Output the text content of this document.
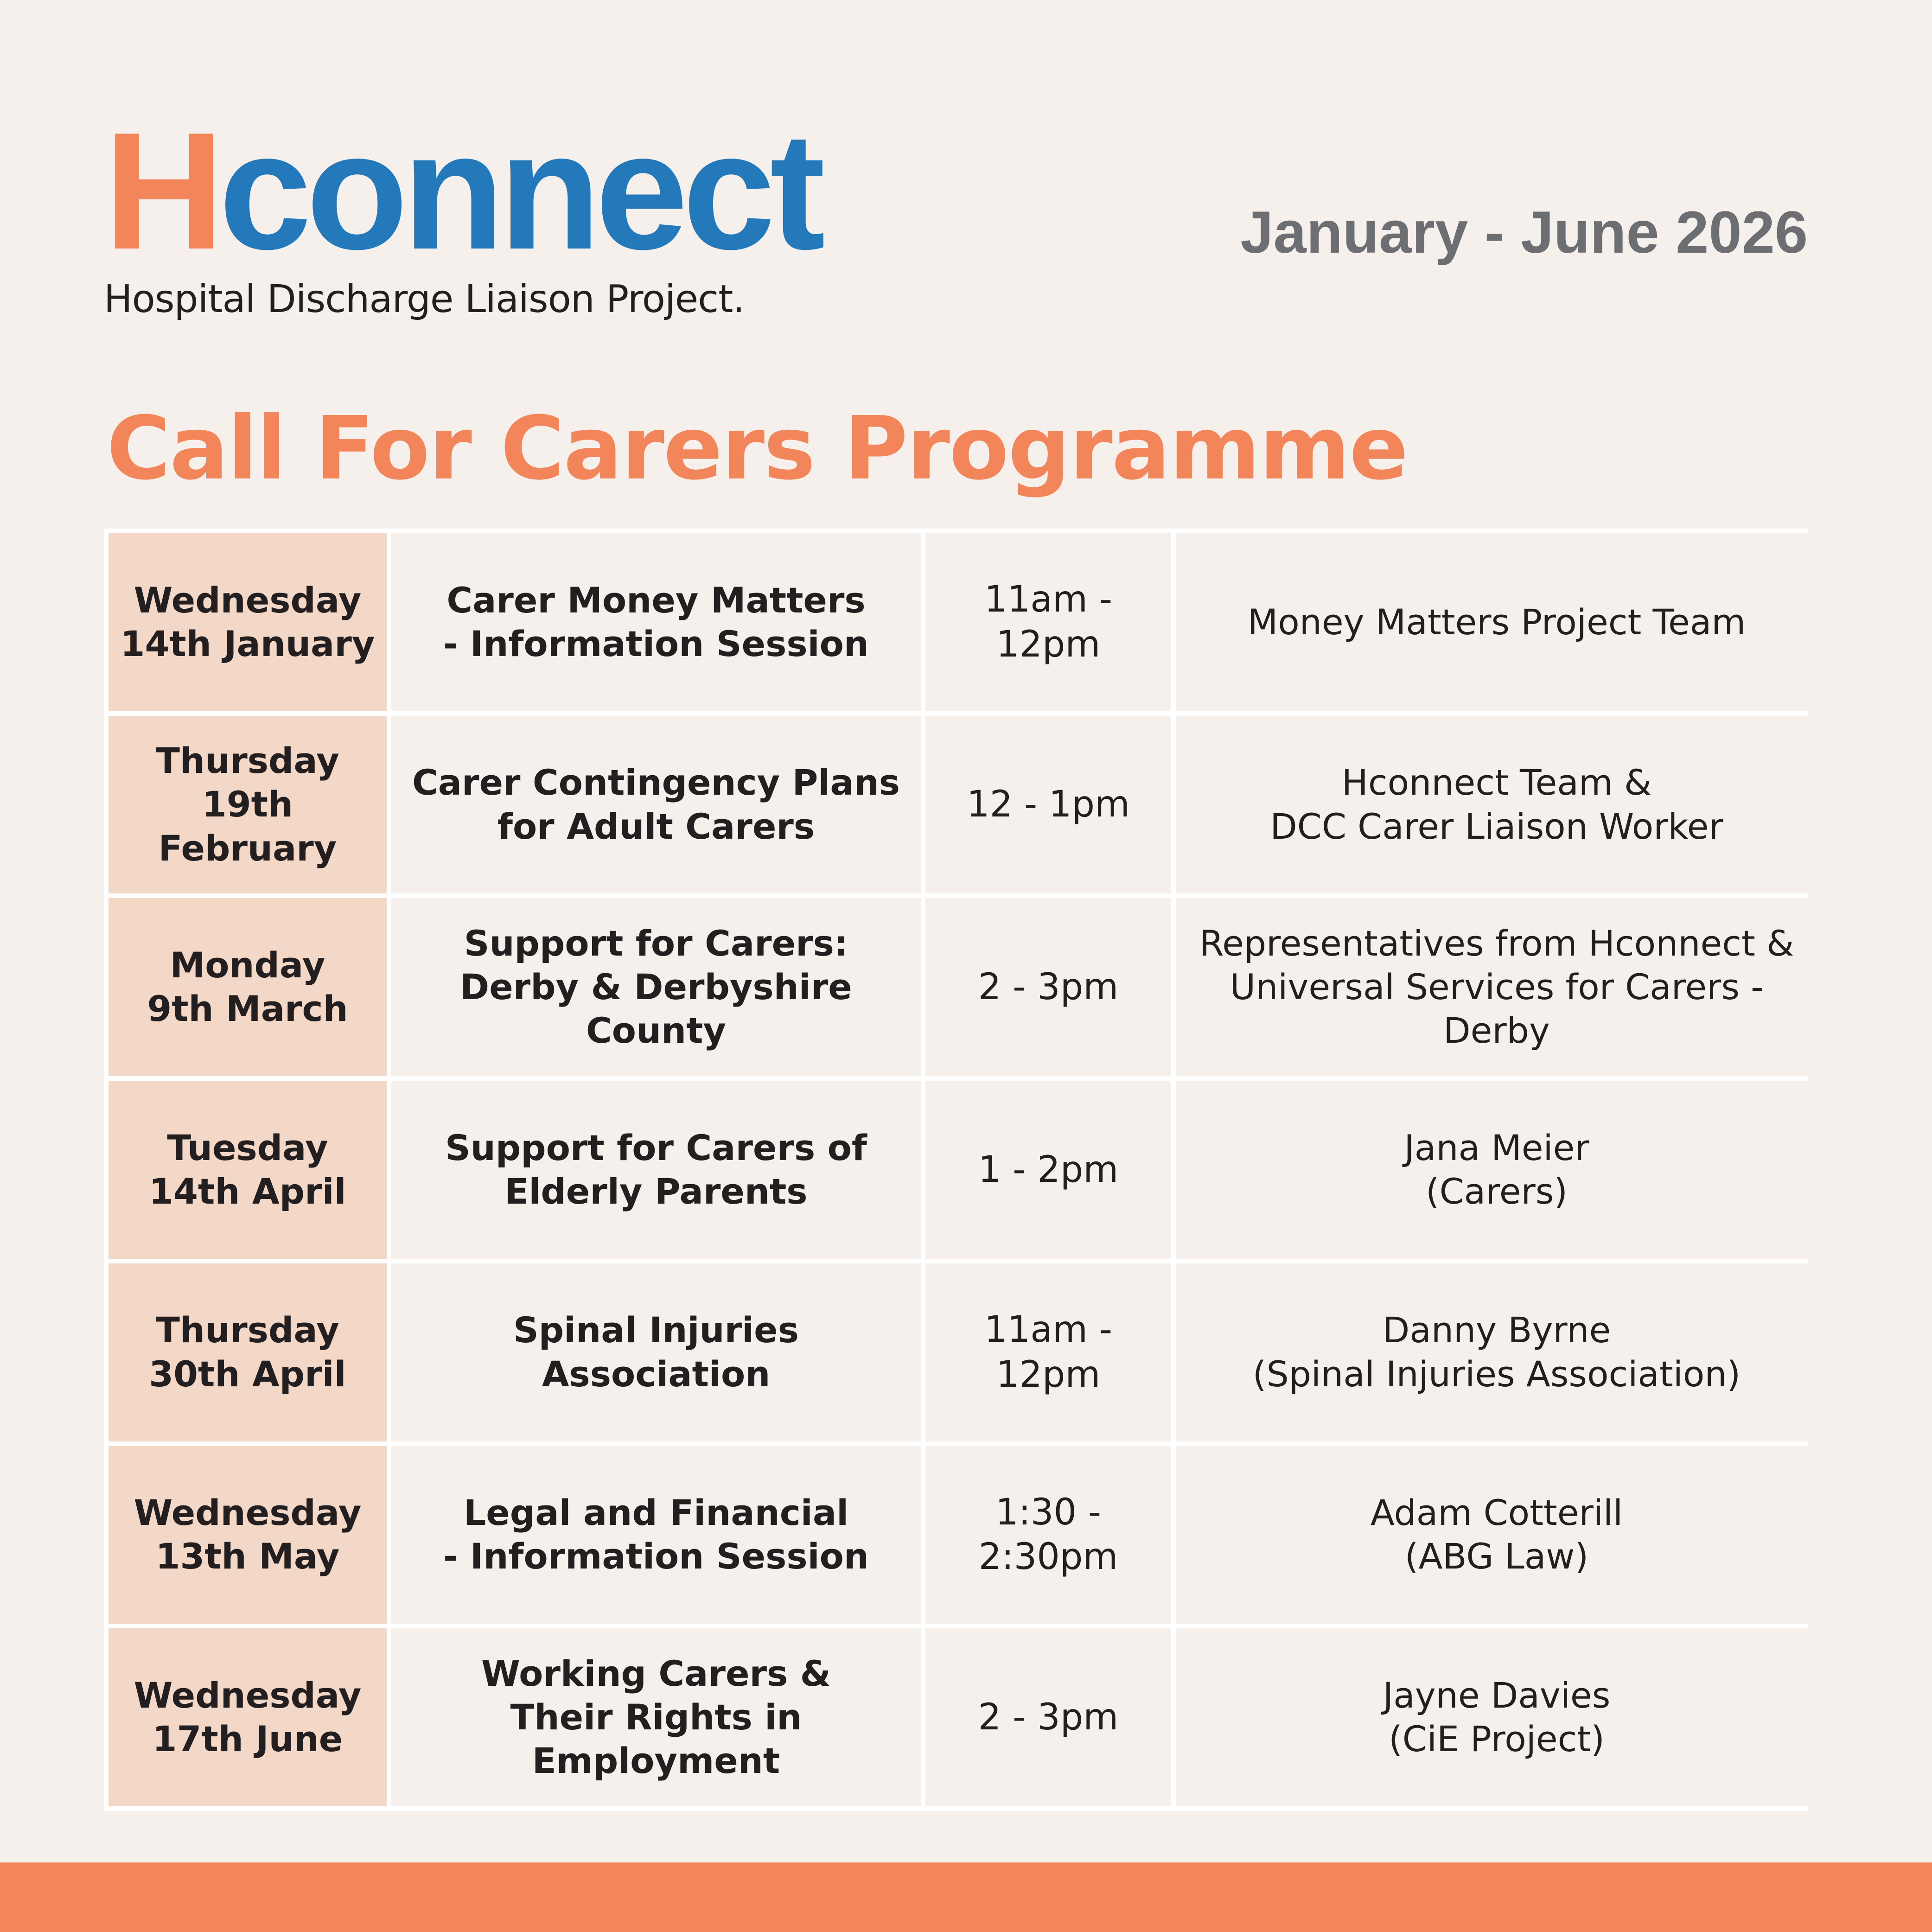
Hconnect
Hospital Discharge Liaison Project.
January - June 2026
Call For Carers Programme
Wednesday
14th January
Carer Money Matters
- Information Session
11am - 12pm
Money Matters Project Team
Thursday
19th February
Carer Contingency Plans
for Adult Carers
12 - 1pm
Hconnect Team &
DCC Carer Liaison Worker
Monday
9th March
Support for Carers:
Derby & Derbyshire County
2 - 3pm
Representatives from Hconnect &
Universal Services for Carers - Derby
Tuesday
14th April
Support for Carers of
Elderly Parents
1 - 2pm
Jana Meier
(Carers)
Thursday
30th April
Spinal Injuries Association
11am - 12pm
Danny Byrne
(Spinal Injuries Association)
Wednesday
13th May
Legal and Financial
- Information Session
1:30 - 2:30pm
Adam Cotterill
(ABG Law)
Wednesday
17th June
Working Carers &
Their Rights in Employment
2 - 3pm
Jayne Davies
(CiE Project)
